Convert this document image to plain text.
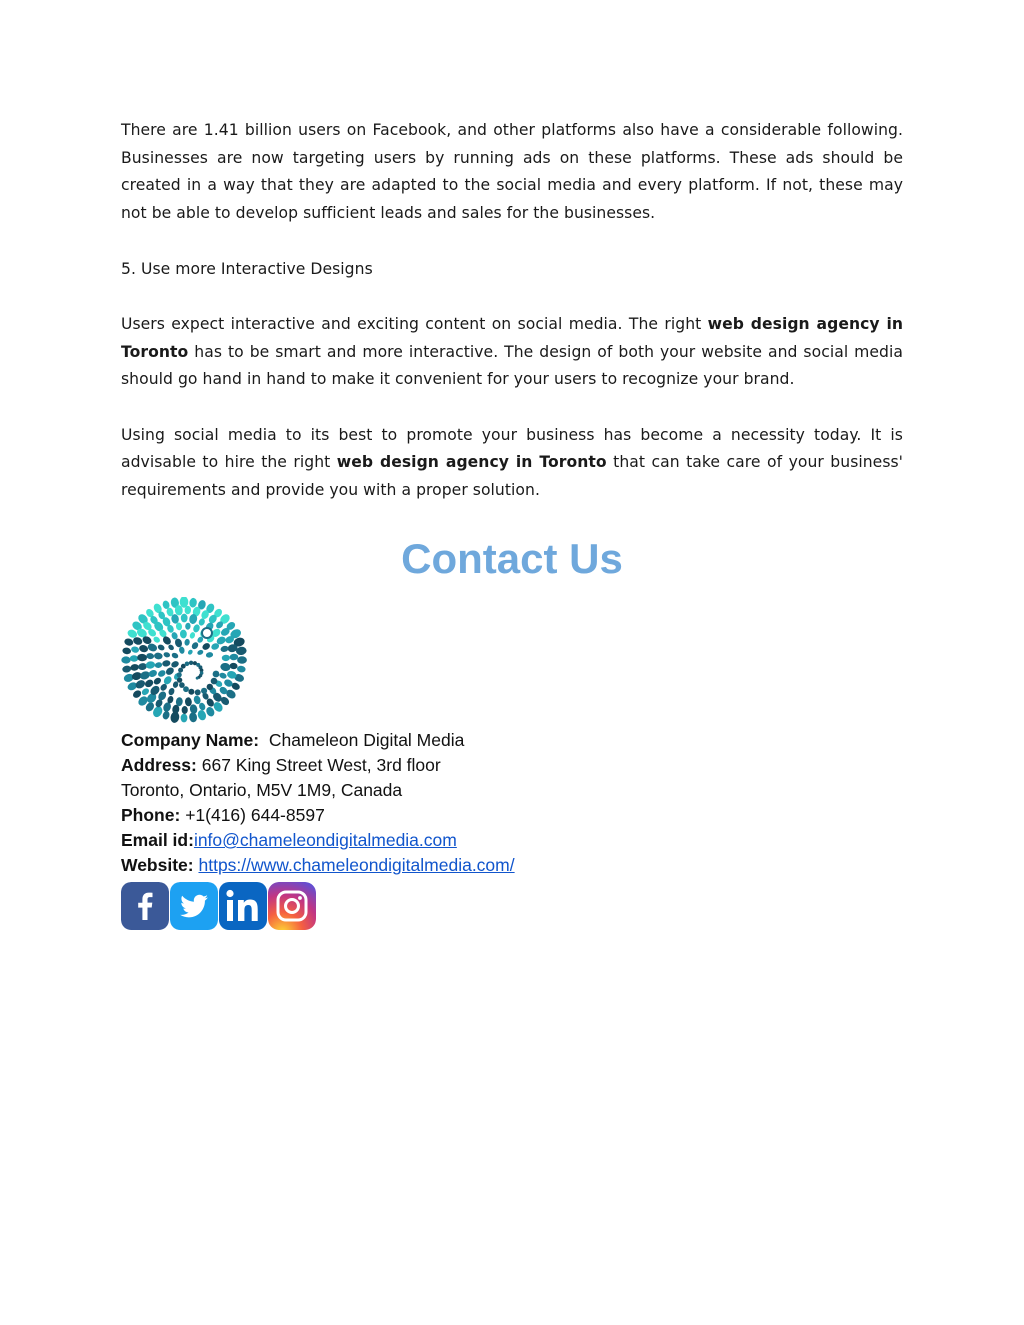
There are 1.41 billion users on Facebook, and other platforms also have a considerable following. Businesses are now targeting users by running ads on these platforms. These ads should be created in a way that they are adapted to the social media and every platform. If not, these may not be able to develop sufficient leads and sales for the businesses.

5. Use more Interactive Designs

Users expect interactive and exciting content on social media. The right web design agency in Toronto has to be smart and more interactive. The design of both your website and social media should go hand in hand to make it convenient for your users to recognize your brand.

Using social media to its best to promote your business has become a necessity today. It is advisable to hire the right web design agency in Toronto that can take care of your business' requirements and provide you with a proper solution.

Contact Us
Company Name: Chameleon Digital Media
Address: 667 King Street West, 3rd floor
Toronto, Ontario, M5V 1M9, Canada
Phone: +1(416) 644-8597
Email id:info@chameleondigitalmedia.com
Website: https://www.chameleondigitalmedia.com/
